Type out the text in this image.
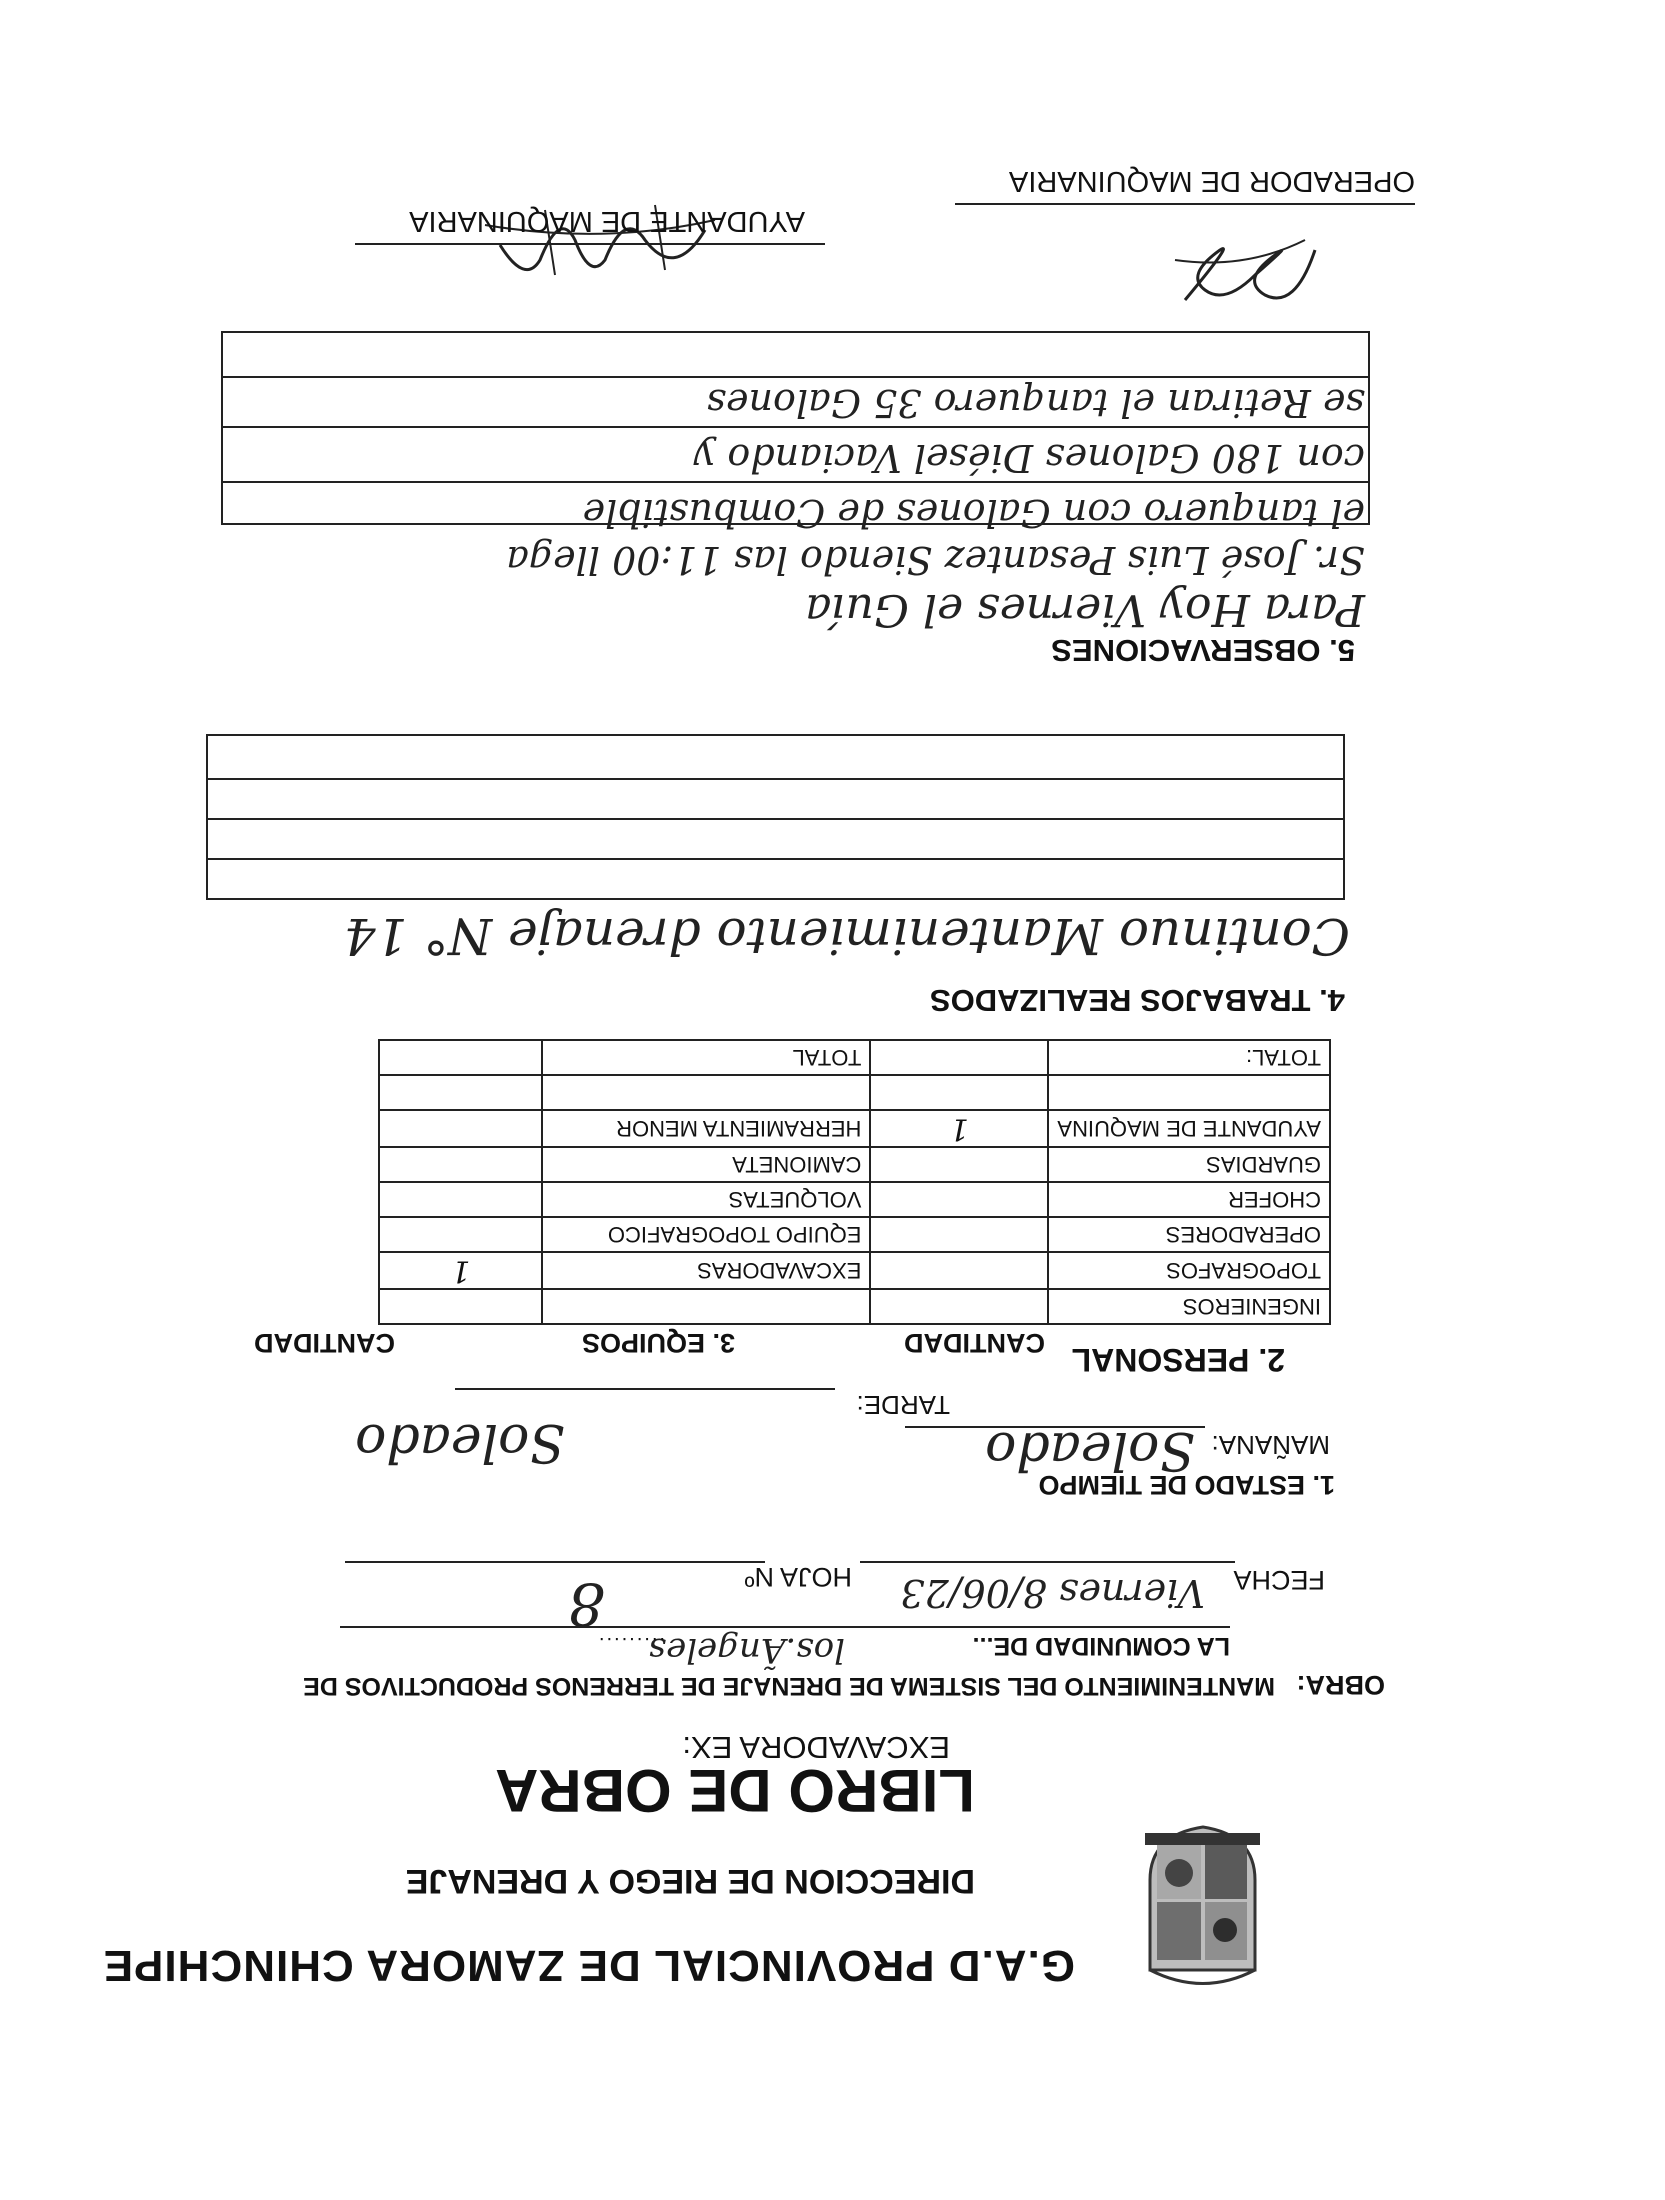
G.A.D PROVINCIAL DE ZAMORA CHINCHIPE
DIRECCION DE RIEGO Y DRENAJE
LIBRO DE OBRA
EXCAVADORA EX:
OBRA:
MANTENIMIENTO DEL SISTEMA DE DRENAJE DE TERRENOS PRODUCTIVOS DE
LA COMUNIDAD DE...
los.Ãngeles
.........
FECHA
Viernes 8/06/23
HOJA Nº
8
1. ESTADO DE TIEMPO
MAÑANA:
Soleado
TARDE:
Soleado
2. PERSONAL
CANTIDAD
3. EQUIPOS
CANTIDAD
INGENIEROS			
TOPOGRAFOS		EXCAVADORAS	1
OPERADORES		EQUIPO TOPOGRAFICO	
CHOFER		VOLQUETAS	
GUARDIAS		CAMIONETA	
AYUDANTE DE MAQUINA	1	HERRAMIENTA MENOR	

TOTAL:		TOTAL	
4. TRABAJOS REALIZADOS
Continuo Mantenimiento drenaje N° 14
5. OBSERVACIONES
Para Hoy Viernes el Guía
Sr. José Luis Pesantez Siendo las 11:00 llega
el tanquero con Galones de Combustible
con 180 Galones Diésel Vaciando y
se Retiran el tanquero 35 Galones
OPERADOR DE MAQUINARIA
AYUDANTE DE MAQUINARIA
